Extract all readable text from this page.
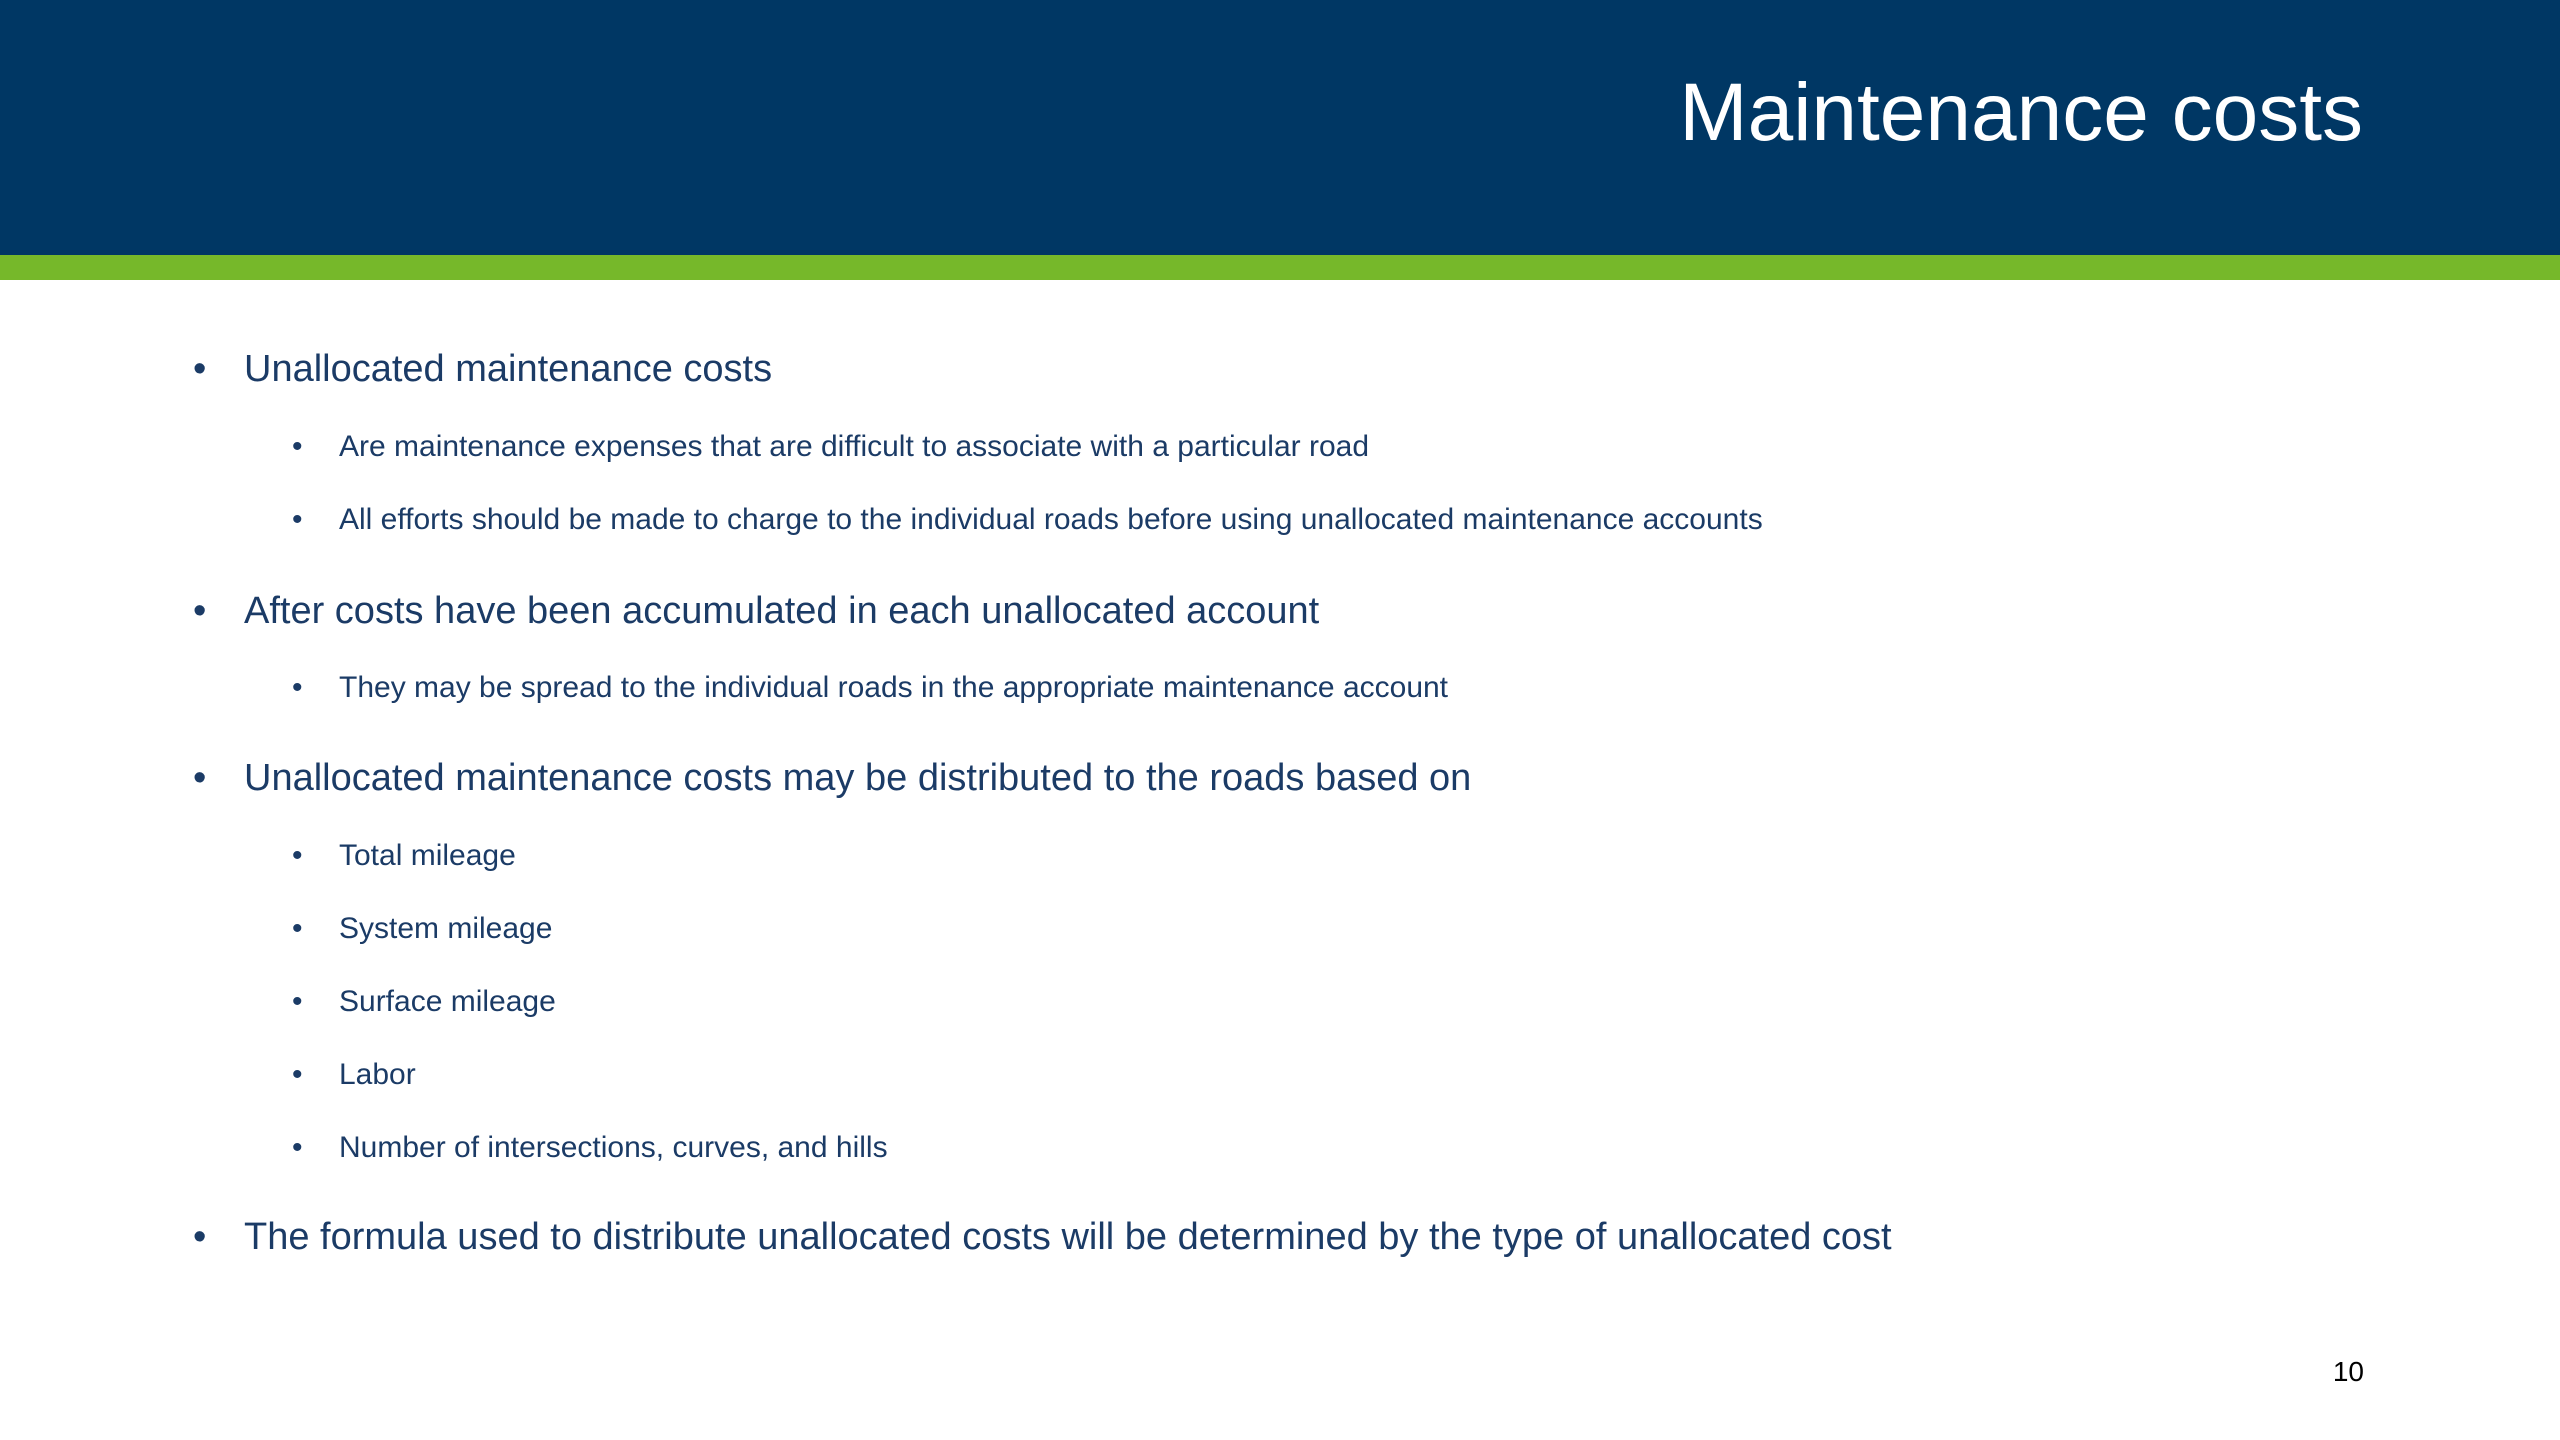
Maintenance costs
• Unallocated maintenance costs
• Are maintenance expenses that are difficult to associate with a particular road
• All efforts should be made to charge to the individual roads before using unallocated maintenance accounts
• After costs have been accumulated in each unallocated account
• They may be spread to the individual roads in the appropriate maintenance account
• Unallocated maintenance costs may be distributed to the roads based on
• Total mileage
• System mileage
• Surface mileage
• Labor
• Number of intersections, curves, and hills
• The formula used to distribute unallocated costs will be determined by the type of unallocated cost
10
